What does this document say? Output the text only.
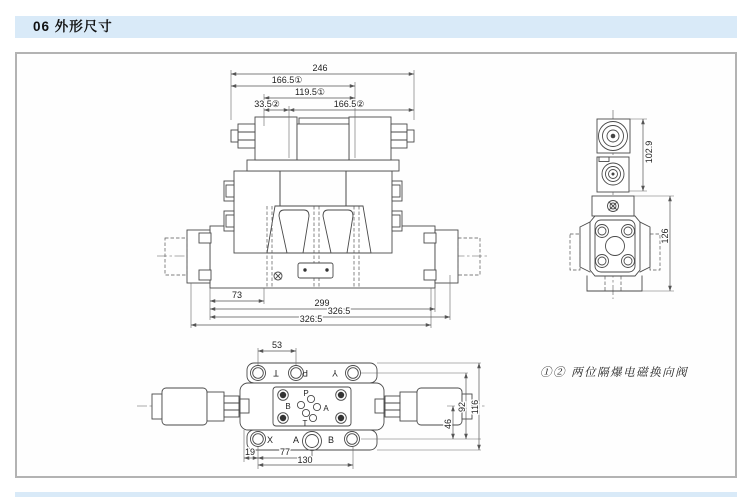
06 外形尺寸
246
166.5①
119.5①
33.5②	166.5②
73
299
326.5
326.5
102.9
126
T	P	Y
P
B	A
T
X A	B
53
46
92 116
19	77
130
①② 两位隔爆电磁换向阀
